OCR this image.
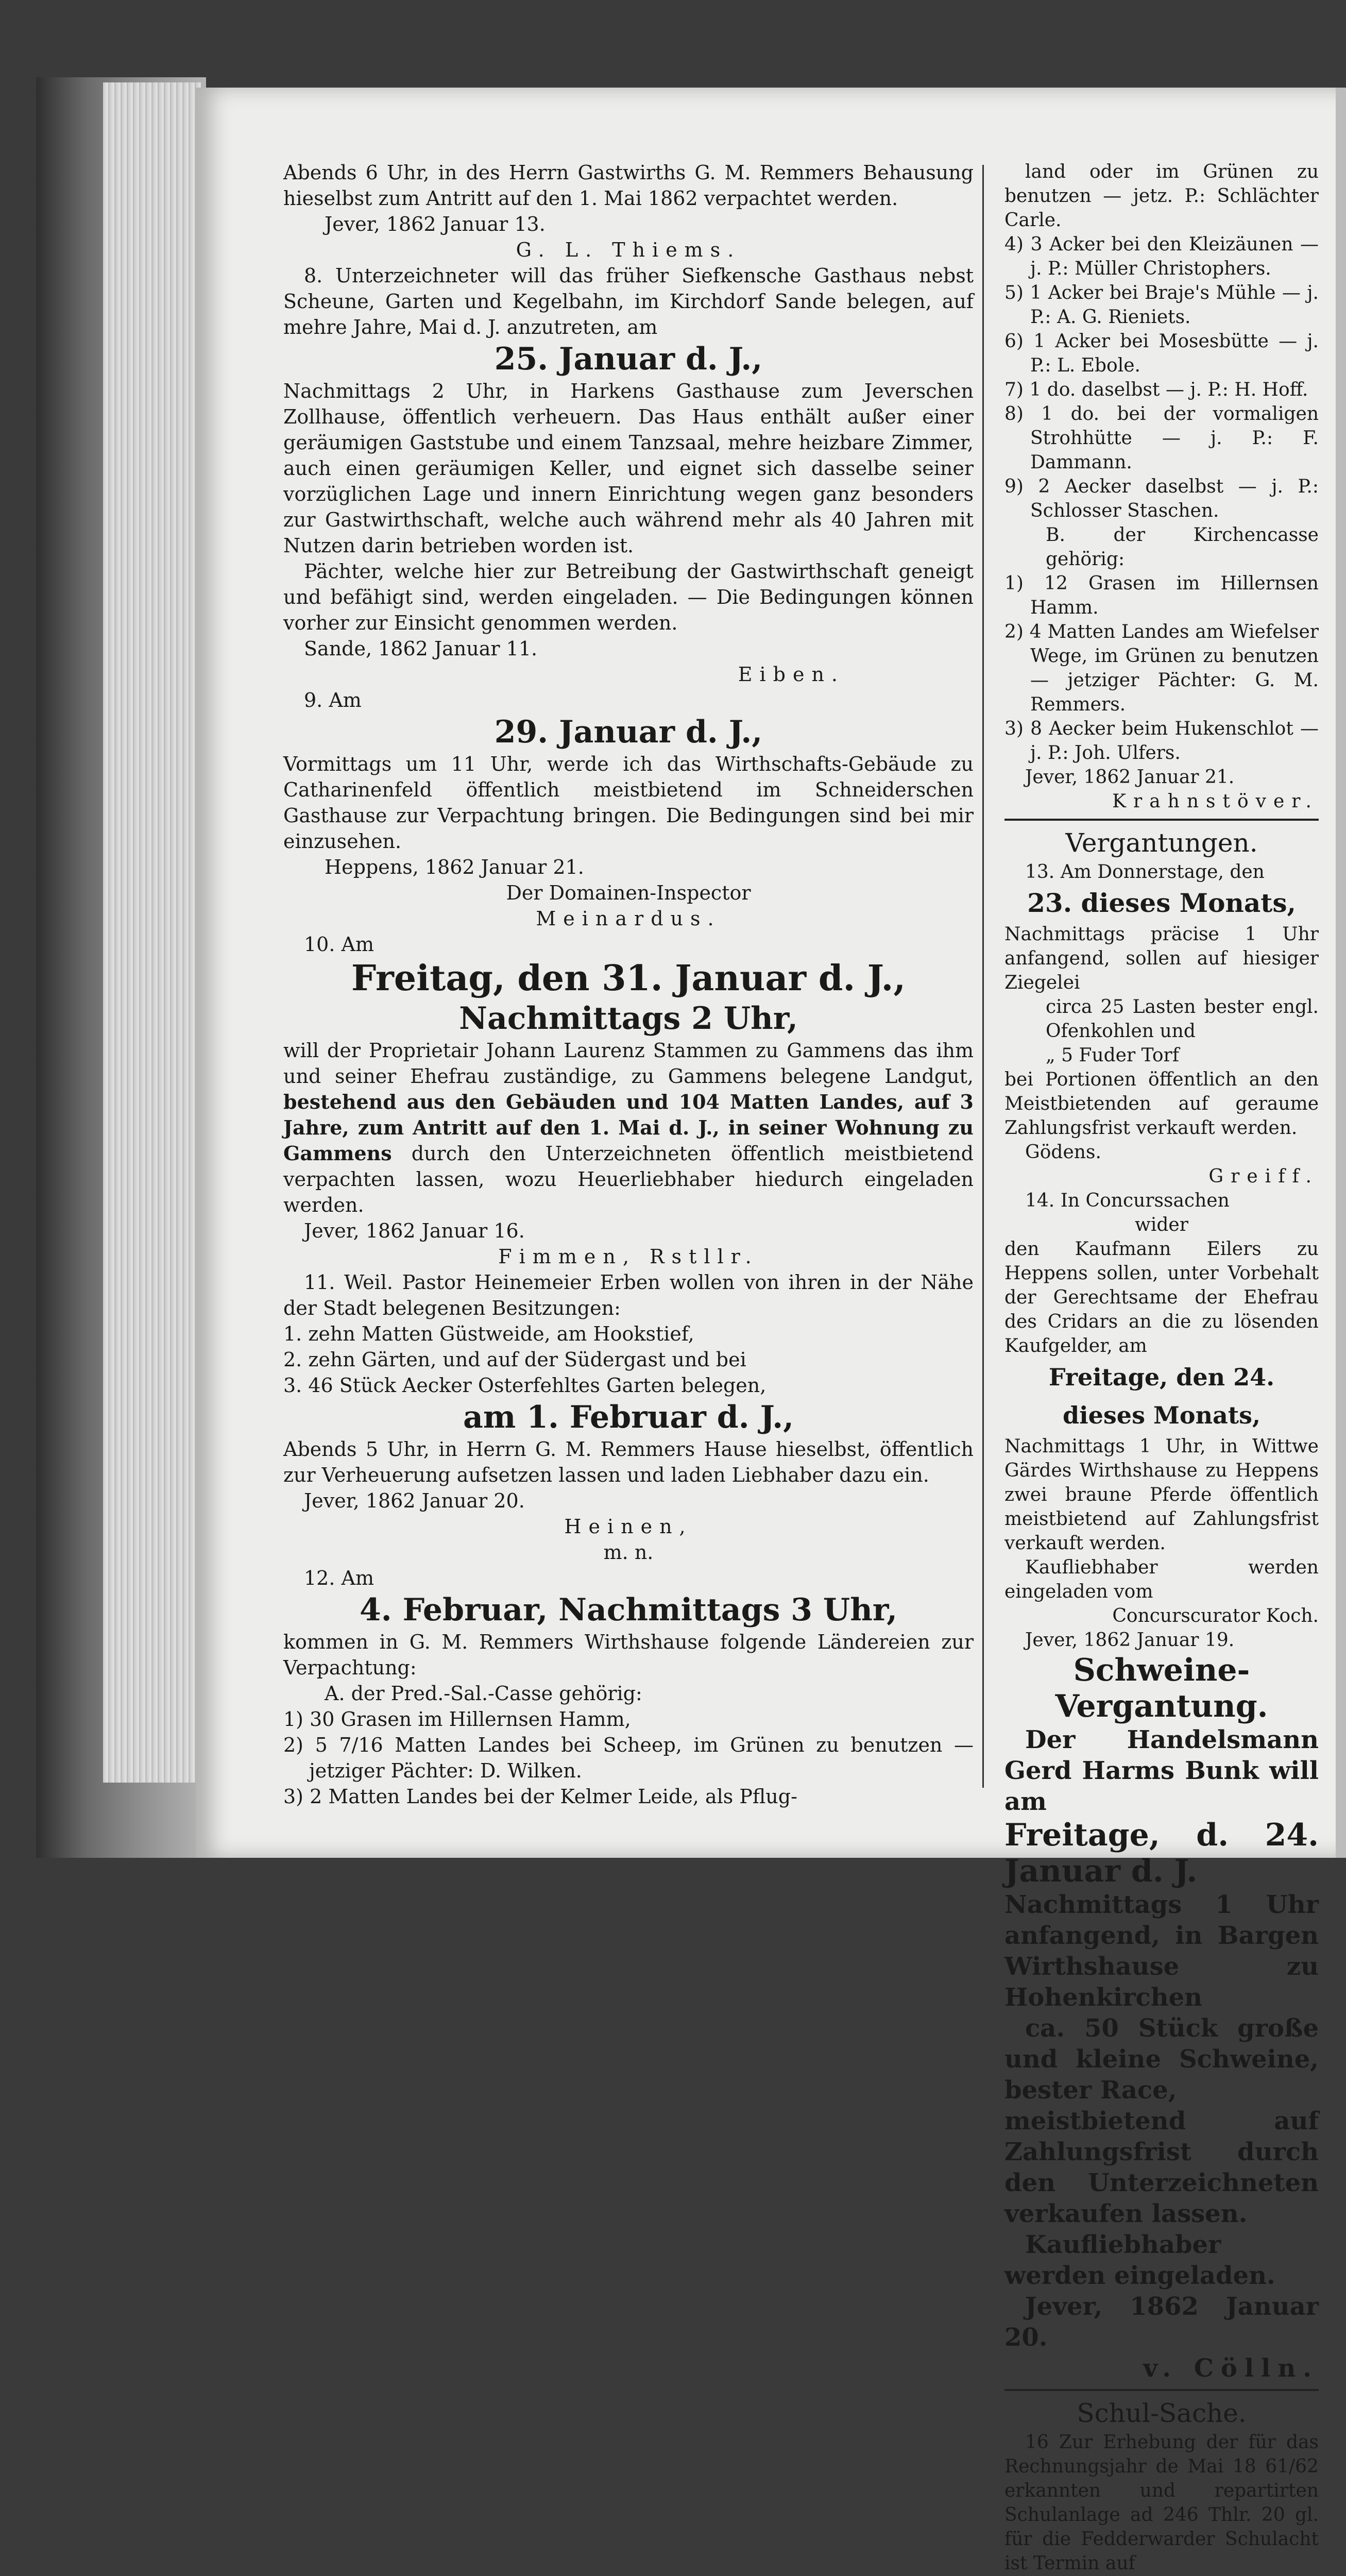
Abends 6 Uhr, in des Herrn Gastwirths G. M. Remmers Behausung hieselbst zum Antritt auf den 1. Mai 1862 verpachtet werden.

Jever, 1862 Januar 13.

G. L. Thiems.

8. Unterzeichneter will das früher Siefkensche Gasthaus nebst Scheune, Garten und Kegelbahn, im Kirchdorf Sande belegen, auf mehre Jahre, Mai d. J. anzutreten, am

25. Januar d. J.,

Nachmittags 2 Uhr, in Harkens Gasthause zum Jeverschen Zollhause, öffentlich verheuern. Das Haus enthält außer einer geräumigen Gaststube und einem Tanzsaal, mehre heizbare Zimmer, auch einen geräumigen Keller, und eignet sich dasselbe seiner vorzüglichen Lage und innern Einrichtung wegen ganz besonders zur Gastwirthschaft, welche auch während mehr als 40 Jahren mit Nutzen darin betrieben worden ist.

Pächter, welche hier zur Betreibung der Gastwirthschaft geneigt und befähigt sind, werden eingeladen. — Die Bedingungen können vorher zur Einsicht genommen werden.

Sande, 1862 Januar 11.

Eiben.

9. Am

29. Januar d. J.,

Vormittags um 11 Uhr, werde ich das Wirthschafts-Gebäude zu Catharinenfeld öffentlich meistbietend im Schneiderschen Gasthause zur Verpachtung bringen. Die Bedingungen sind bei mir einzusehen.

Heppens, 1862 Januar 21.

Der Domainen-Inspector

Meinardus.

10. Am

Freitag, den 31. Januar d. J.,

Nachmittags 2 Uhr,

will der Proprietair Johann Laurenz Stammen zu Gammens das ihm und seiner Ehefrau zuständige, zu Gammens belegene Landgut, bestehend aus den Gebäuden und 104 Matten Landes, auf 3 Jahre, zum Antritt auf den 1. Mai d. J., in seiner Wohnung zu Gammens durch den Unterzeichneten öffentlich meistbietend verpachten lassen, wozu Heuerliebhaber hiedurch eingeladen werden.

Jever, 1862 Januar 16.

Fimmen, Rstllr.

11. Weil. Pastor Heinemeier Erben wollen von ihren in der Nähe der Stadt belegenen Besitzungen:

1. zehn Matten Güstweide, am Hookstief,

2. zehn Gärten, und auf der Südergast und bei

3. 46 Stück Aecker Osterfehltes Garten belegen,

am 1. Februar d. J.,

Abends 5 Uhr, in Herrn G. M. Remmers Hause hieselbst, öffentlich zur Verheuerung aufsetzen lassen und laden Liebhaber dazu ein.

Jever, 1862 Januar 20.

Heinen,

m. n.

12. Am

4. Februar, Nachmittags 3 Uhr,

kommen in G. M. Remmers Wirthshause folgende Ländereien zur Verpachtung:

A. der Pred.-Sal.-Casse gehörig:

1) 30 Grasen im Hillernsen Hamm,

2) 5 7/16 Matten Landes bei Scheep, im Grünen zu benutzen — jetziger Pächter: D. Wilken.

3) 2 Matten Landes bei der Kelmer Leide, als Pflug-

land oder im Grünen zu benutzen — jetz. P.: Schlächter Carle.

4) 3 Acker bei den Kleizäunen — j. P.: Müller Christophers.

5) 1 Acker bei Braje's Mühle — j. P.: A. G. Rieniets.

6) 1 Acker bei Mosesbütte — j. P.: L. Ebole.

7) 1 do. daselbst — j. P.: H. Hoff.

8) 1 do. bei der vormaligen Strohhütte — j. P.: F. Dammann.

9) 2 Aecker daselbst — j. P.: Schlosser Staschen.

B. der Kirchencasse gehörig:

1) 12 Grasen im Hillernsen Hamm.

2) 4 Matten Landes am Wiefelser Wege, im Grünen zu benutzen — jetziger Pächter: G. M. Remmers.

3) 8 Aecker beim Hukenschlot — j. P.: Joh. Ulfers.

Jever, 1862 Januar 21.

Krahnstöver.

Vergantungen.

13. Am Donnerstage, den

23. dieses Monats,

Nachmittags präcise 1 Uhr anfangend, sollen auf hiesiger Ziegelei

circa 25 Lasten bester engl. Ofenkohlen und

„ 5 Fuder Torf

bei Portionen öffentlich an den Meistbietenden auf geraume Zahlungsfrist verkauft werden.

Gödens.

Greiff.

14. In Concurssachen

wider

den Kaufmann Eilers zu Heppens sollen, unter Vorbehalt der Gerechtsame der Ehefrau des Cridars an die zu lösenden Kaufgelder, am

Freitage, den 24. dieses Monats,

Nachmittags 1 Uhr, in Wittwe Gärdes Wirthshause zu Heppens zwei braune Pferde öffentlich meistbietend auf Zahlungsfrist verkauft werden.

Kaufliebhaber werden eingeladen vom

Concurscurator Koch.

Jever, 1862 Januar 19.

Schweine-Vergantung.

Der Handelsmann Gerd Harms Bunk will am

Freitage, d. 24. Januar d. J.

Nachmittags 1 Uhr anfangend, in Bargen Wirthshause zu Hohenkirchen

ca. 50 Stück große und kleine Schweine, bester Race,

meistbietend auf Zahlungsfrist durch den Unterzeichneten verkaufen lassen.

Kaufliebhaber werden eingeladen.

Jever, 1862 Januar 20.

v. Cölln.

Schul-Sache.

16 Zur Erhebung der für das Rechnungsjahr de Mai 18 61/62 erkannten und repartirten Schulanlage ad 246 Thlr. 20 gl. für die Fedderwarder Schulacht ist Termin auf
